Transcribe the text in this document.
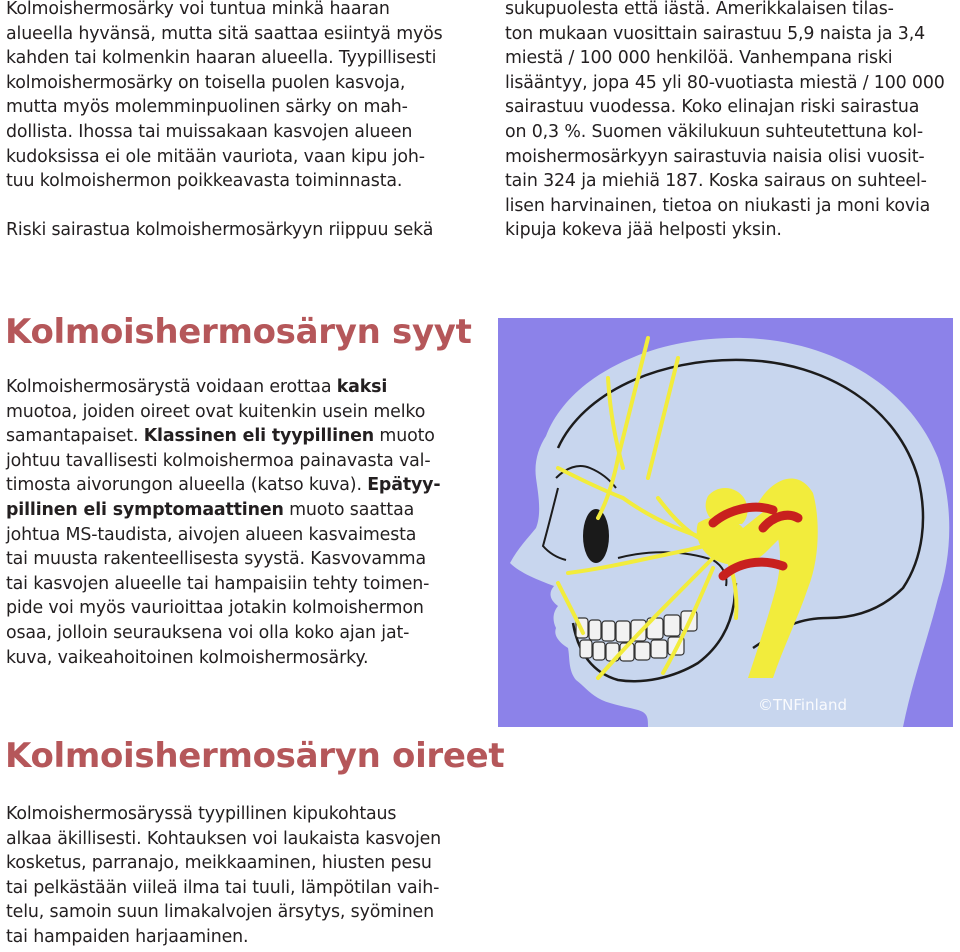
Kolmoishermosärky voi tuntua minkä haaran
alueella hyvänsä, mutta sitä saattaa esiintyä myös
kahden tai kolmenkin haaran alueella. Tyypillisesti
kolmoishermosärky on toisella puolen kasvoja,
mutta myös molemminpuolinen särky on mah-
dollista. Ihossa tai muissakaan kasvojen alueen
kudoksissa ei ole mitään vauriota, vaan kipu joh-
tuu kolmoishermon poikkeavasta toiminnasta.

Riski sairastua kolmoishermosärkyyn riippuu sekä

sukupuolesta että iästä. Amerikkalaisen tilas-
ton mukaan vuosittain sairastuu 5,9 naista ja 3,4
miestä / 100 000 henkilöä. Vanhempana riski
lisääntyy, jopa 45 yli 80-vuotiasta miestä / 100 000
sairastuu vuodessa. Koko elinajan riski sairastua
on 0,3 %. Suomen väkilukuun suhteutettuna kol-
moishermosärkyyn sairastuvia naisia olisi vuosit-
tain 324 ja miehiä 187. Koska sairaus on suhteel-
lisen harvinainen, tietoa on niukasti ja moni kovia
kipuja kokeva jää helposti yksin.

Kolmoishermosäryn syyt

Kolmoishermosärystä voidaan erottaa kaksi
muotoa, joiden oireet ovat kuitenkin usein melko
samantapaiset. Klassinen eli tyypillinen muoto
johtuu tavallisesti kolmoishermoa painavasta val-
timosta aivorungon alueella (katso kuva). Epätyy-
pillinen eli symptomaattinen muoto saattaa
johtua MS-taudista, aivojen alueen kasvaimesta
tai muusta rakenteellisesta syystä. Kasvovamma
tai kasvojen alueelle tai hampaisiin tehty toimen-
pide voi myös vaurioittaa jotakin kolmoishermon
osaa, jolloin seurauksena voi olla koko ajan jat-
kuva, vaikeahoitoinen kolmoishermosärky.

Kolmoishermosäryn oireet

Kolmoishermosäryssä tyypillinen kipukohtaus
alkaa äkillisesti. Kohtauksen voi laukaista kasvojen
kosketus, parranajo, meikkaaminen, hiusten pesu
tai pelkästään viileä ilma tai tuuli, lämpötilan vaih-
telu, samoin suun limakalvojen ärsytys, syöminen
tai hampaiden harjaaminen.

©TNFinland
